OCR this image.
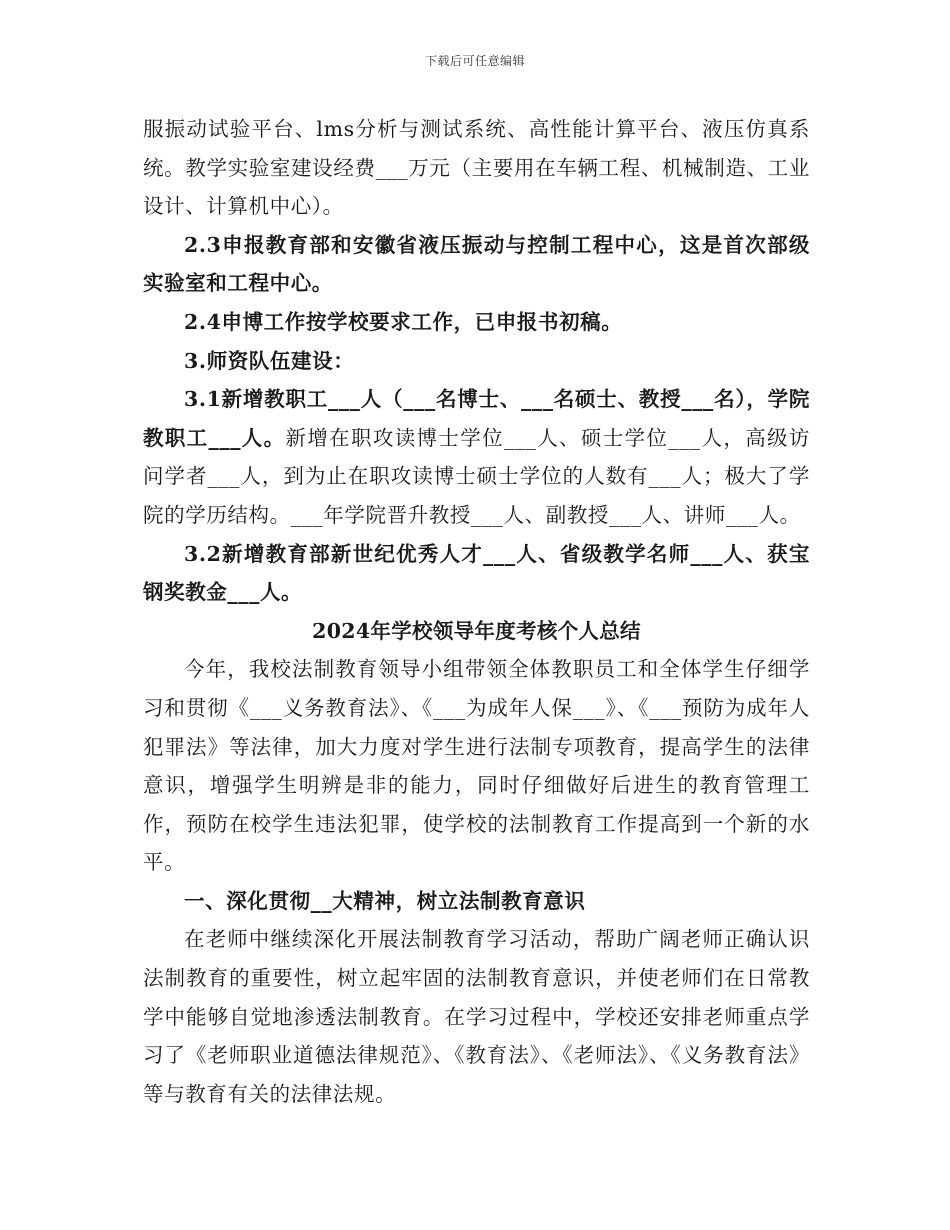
下载后可任意编辑

服振动试验平台、lms分析与测试系统、高性能计算平台、液压仿真系统。教学实验室建设经费___万元（主要用在车辆工程、机械制造、工业设计、计算机中心）。

2.3申报教育部和安徽省液压振动与控制工程中心，这是首次部级实验室和工程中心。

2.4申博工作按学校要求工作，已申报书初稿。

3.师资队伍建设：

3.1新增教职工___人（___名博士、___名硕士、教授___名），学院教职工___人。新增在职攻读博士学位___人、硕士学位___人，高级访问学者___人，到为止在职攻读博士硕士学位的人数有___人；极大了学院的学历结构。___年学院晋升教授___人、副教授___人、讲师___人。

3.2新增教育部新世纪优秀人才___人、省级教学名师___人、获宝钢奖教金___人。

2024年学校领导年度考核个人总结

今年，我校法制教育领导小组带领全体教职员工和全体学生仔细学习和贯彻《___义务教育法》、《___为成年人保___》、《___预防为成年人犯罪法》等法律，加大力度对学生进行法制专项教育，提高学生的法律意识，增强学生明辨是非的能力，同时仔细做好后进生的教育管理工作，预防在校学生违法犯罪，使学校的法制教育工作提高到一个新的水平。

一、深化贯彻__大精神，树立法制教育意识

在老师中继续深化开展法制教育学习活动，帮助广阔老师正确认识法制教育的重要性，树立起牢固的法制教育意识，并使老师们在日常教学中能够自觉地渗透法制教育。在学习过程中，学校还安排老师重点学习了《老师职业道德法律规范》、《教育法》、《老师法》、《义务教育法》等与教育有关的法律法规。
